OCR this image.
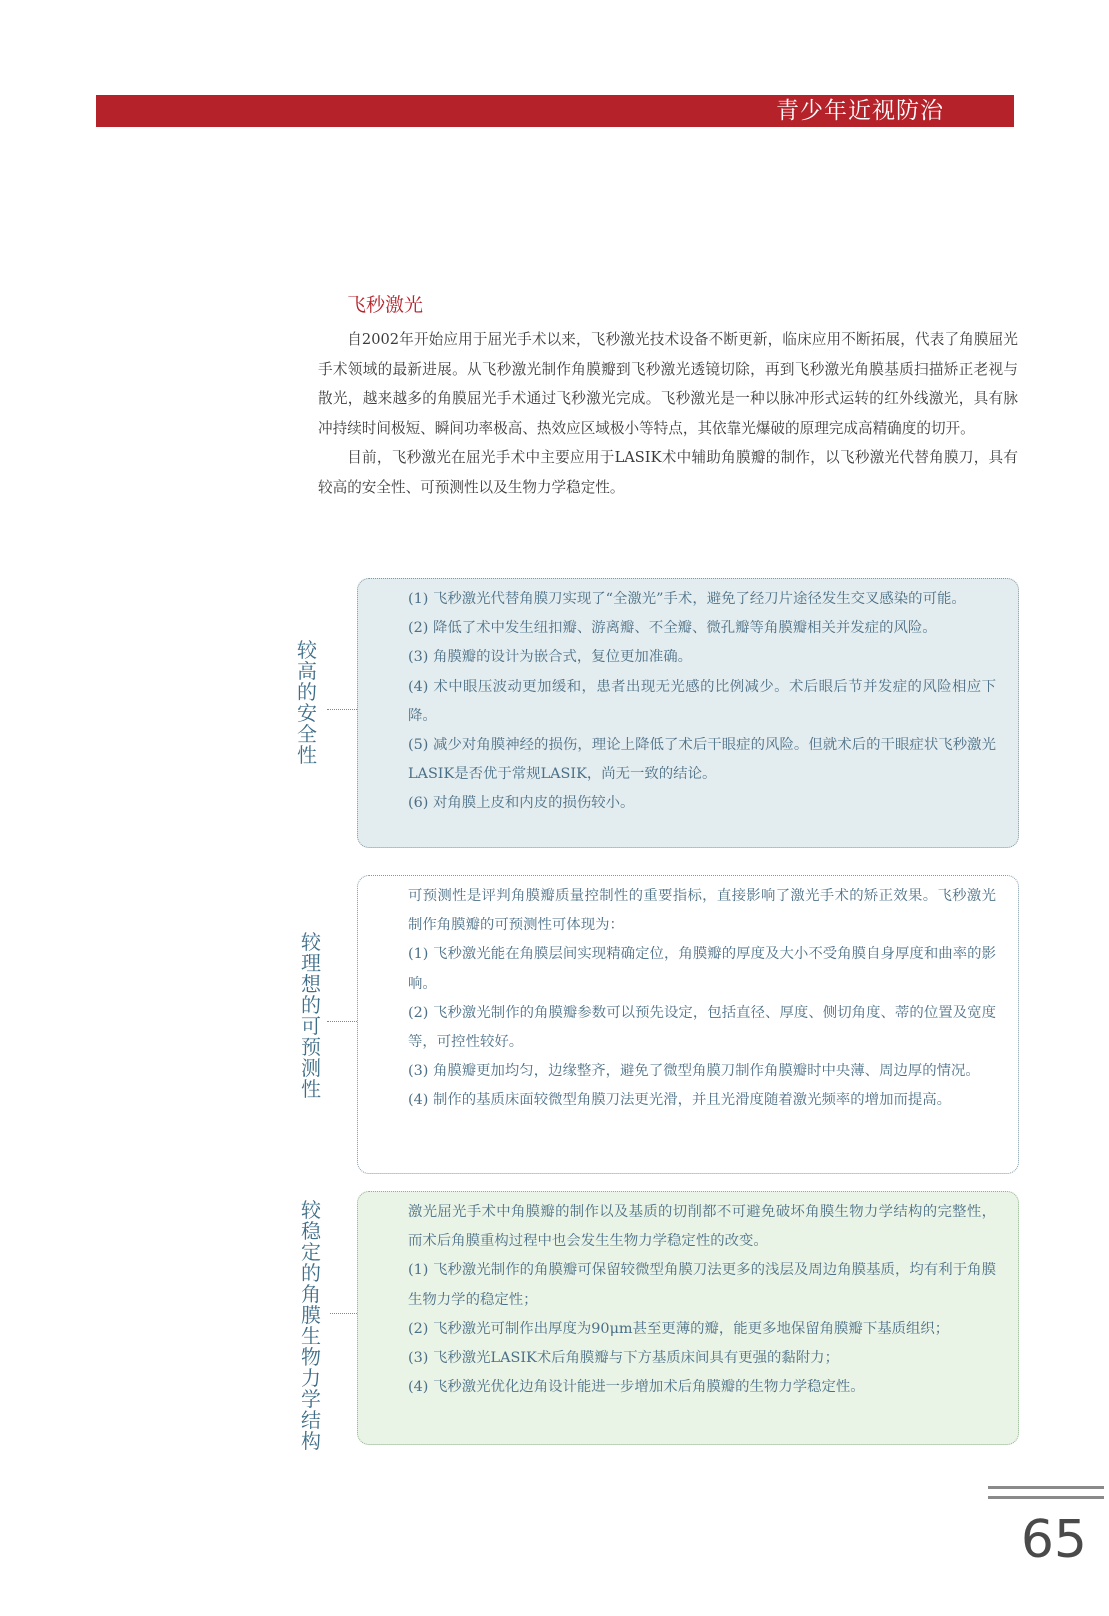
青少年近视防治
飞秒激光

自2002年开始应用于屈光手术以来，飞秒激光技术设备不断更新，临床应用不断拓展，代表了角膜屈光手术领域的最新进展。从飞秒激光制作角膜瓣到飞秒激光透镜切除，再到飞秒激光角膜基质扫描矫正老视与散光，越来越多的角膜屈光手术通过飞秒激光完成。飞秒激光是一种以脉冲形式运转的红外线激光，具有脉冲持续时间极短、瞬间功率极高、热效应区域极小等特点，其依靠光爆破的原理完成高精确度的切开。

目前，飞秒激光在屈光手术中主要应用于LASIK术中辅助角膜瓣的制作，以飞秒激光代替角膜刀，具有较高的安全性、可预测性以及生物力学稳定性。

较高的安全性

(1) 飞秒激光代替角膜刀实现了“全激光”手术，避免了经刀片途径发生交叉感染的可能。

(2) 降低了术中发生纽扣瓣、游离瓣、不全瓣、微孔瓣等角膜瓣相关并发症的风险。

(3) 角膜瓣的设计为嵌合式，复位更加准确。

(4) 术中眼压波动更加缓和，患者出现无光感的比例减少。术后眼后节并发症的风险相应下降。

(5) 减少对角膜神经的损伤，理论上降低了术后干眼症的风险。但就术后的干眼症状飞秒激光LASIK是否优于常规LASIK，尚无一致的结论。

(6) 对角膜上皮和内皮的损伤较小。

较理想的可预测性

可预测性是评判角膜瓣质量控制性的重要指标，直接影响了激光手术的矫正效果。飞秒激光制作角膜瓣的可预测性可体现为：

(1) 飞秒激光能在角膜层间实现精确定位，角膜瓣的厚度及大小不受角膜自身厚度和曲率的影响。

(2) 飞秒激光制作的角膜瓣参数可以预先设定，包括直径、厚度、侧切角度、蒂的位置及宽度等，可控性较好。

(3) 角膜瓣更加均匀，边缘整齐，避免了微型角膜刀制作角膜瓣时中央薄、周边厚的情况。

(4) 制作的基质床面较微型角膜刀法更光滑，并且光滑度随着激光频率的增加而提高。

较稳定的角膜生物力学结构

激光屈光手术中角膜瓣的制作以及基质的切削都不可避免破坏角膜生物力学结构的完整性，而术后角膜重构过程中也会发生生物力学稳定性的改变。

(1) 飞秒激光制作的角膜瓣可保留较微型角膜刀法更多的浅层及周边角膜基质，均有利于角膜生物力学的稳定性；

(2) 飞秒激光可制作出厚度为90μm甚至更薄的瓣，能更多地保留角膜瓣下基质组织；

(3) 飞秒激光LASIK术后角膜瓣与下方基质床间具有更强的黏附力；

(4) 飞秒激光优化边角设计能进一步增加术后角膜瓣的生物力学稳定性。

65
